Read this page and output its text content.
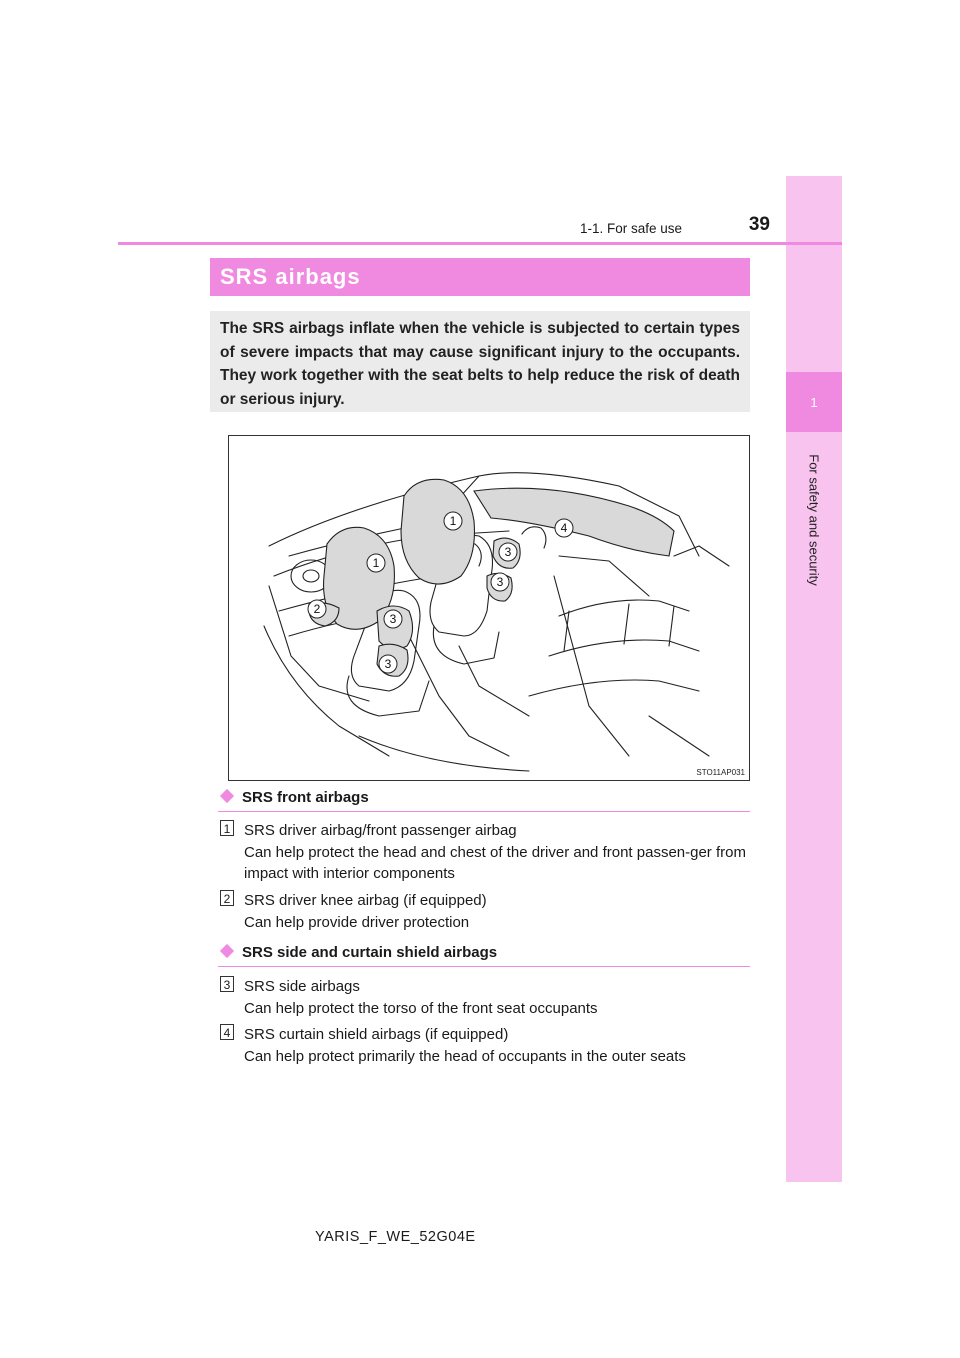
1
For safety and security
1-1. For safe use	39
SRS airbags
The SRS airbags inflate when the vehicle is subjected to certain types of severe impacts that may cause significant injury to the occupants. They work together with the seat belts to help reduce the risk of death or serious injury.
1
1
2
3
3
3
3
4
STO11AP031
SRS front airbags
1 SRS driver airbag/front passenger airbag
Can help protect the head and chest of the driver and front passen-ger from impact with interior components
2 SRS driver knee airbag (if equipped)
Can help provide driver protection
SRS side and curtain shield airbags
3 SRS side airbags
Can help protect the torso of the front seat occupants
4 SRS curtain shield airbags (if equipped)
Can help protect primarily the head of occupants in the outer seats
YARIS_F_WE_52G04E
